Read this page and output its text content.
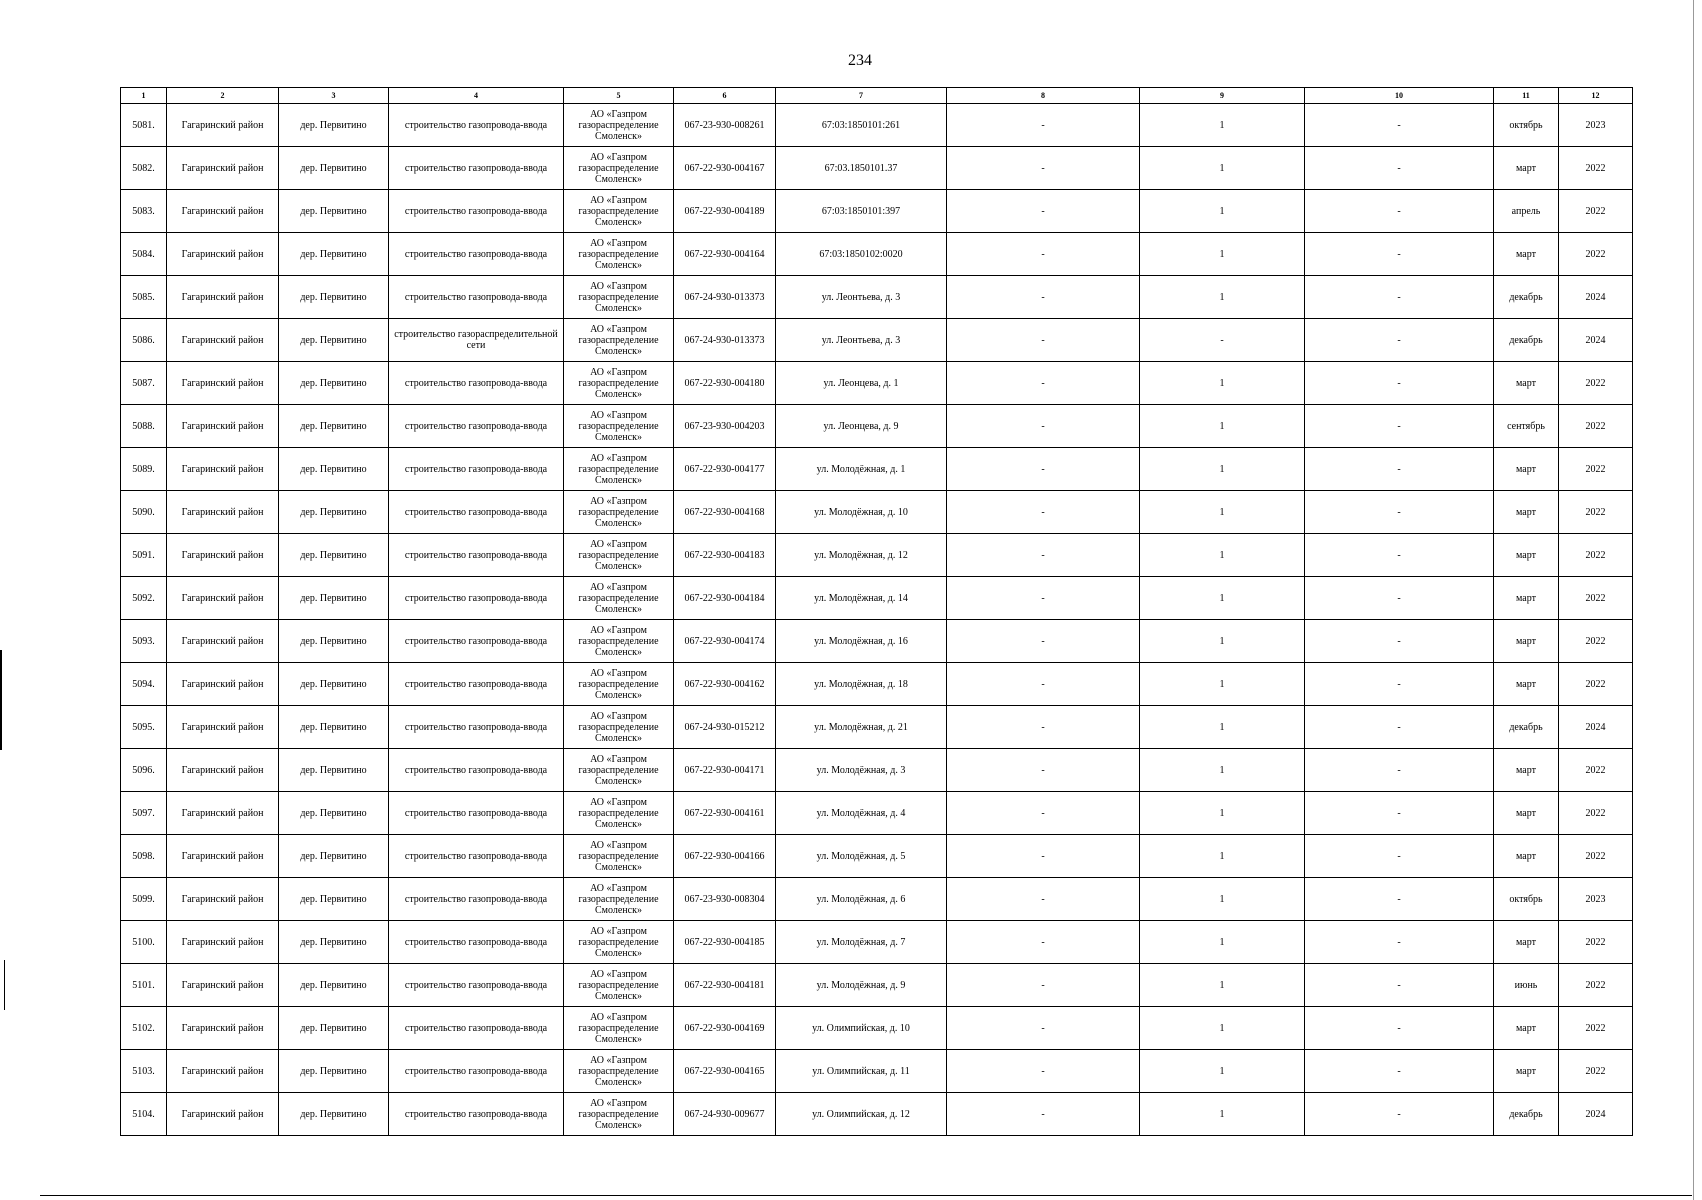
234
1	2	3	4	5	6	7	8	9	10	11	12
5081.	Гагаринский район	дер. Первитино	строительство газопровода-ввода	АО «Газпром газораспределение Смоленск»	067-23-930-008261	67:03:1850101:261	-	1	-	октябрь	2023
5082.	Гагаринский район	дер. Первитино	строительство газопровода-ввода	АО «Газпром газораспределение Смоленск»	067-22-930-004167	67:03.1850101.37	-	1	-	март	2022
5083.	Гагаринский район	дер. Первитино	строительство газопровода-ввода	АО «Газпром газораспределение Смоленск»	067-22-930-004189	67:03:1850101:397	-	1	-	апрель	2022
5084.	Гагаринский район	дер. Первитино	строительство газопровода-ввода	АО «Газпром газораспределение Смоленск»	067-22-930-004164	67:03:1850102:0020	-	1	-	март	2022
5085.	Гагаринский район	дер. Первитино	строительство газопровода-ввода	АО «Газпром газораспределение Смоленск»	067-24-930-013373	ул. Леонтьева, д. 3	-	1	-	декабрь	2024
5086.	Гагаринский район	дер. Первитино	строительство газораспределительной сети	АО «Газпром газораспределение Смоленск»	067-24-930-013373	ул. Леонтьева, д. 3	-	-	-	декабрь	2024
5087.	Гагаринский район	дер. Первитино	строительство газопровода-ввода	АО «Газпром газораспределение Смоленск»	067-22-930-004180	ул. Леонцева, д. 1	-	1	-	март	2022
5088.	Гагаринский район	дер. Первитино	строительство газопровода-ввода	АО «Газпром газораспределение Смоленск»	067-23-930-004203	ул. Леонцева, д. 9	-	1	-	сентябрь	2022
5089.	Гагаринский район	дер. Первитино	строительство газопровода-ввода	АО «Газпром газораспределение Смоленск»	067-22-930-004177	ул. Молодёжная, д. 1	-	1	-	март	2022
5090.	Гагаринский район	дер. Первитино	строительство газопровода-ввода	АО «Газпром газораспределение Смоленск»	067-22-930-004168	ул. Молодёжная, д. 10	-	1	-	март	2022
5091.	Гагаринский район	дер. Первитино	строительство газопровода-ввода	АО «Газпром газораспределение Смоленск»	067-22-930-004183	ул. Молодёжная, д. 12	-	1	-	март	2022
5092.	Гагаринский район	дер. Первитино	строительство газопровода-ввода	АО «Газпром газораспределение Смоленск»	067-22-930-004184	ул. Молодёжная, д. 14	-	1	-	март	2022
5093.	Гагаринский район	дер. Первитино	строительство газопровода-ввода	АО «Газпром газораспределение Смоленск»	067-22-930-004174	ул. Молодёжная, д. 16	-	1	-	март	2022
5094.	Гагаринский район	дер. Первитино	строительство газопровода-ввода	АО «Газпром газораспределение Смоленск»	067-22-930-004162	ул. Молодёжная, д. 18	-	1	-	март	2022
5095.	Гагаринский район	дер. Первитино	строительство газопровода-ввода	АО «Газпром газораспределение Смоленск»	067-24-930-015212	ул. Молодёжная, д. 21	-	1	-	декабрь	2024
5096.	Гагаринский район	дер. Первитино	строительство газопровода-ввода	АО «Газпром газораспределение Смоленск»	067-22-930-004171	ул. Молодёжная, д. 3	-	1	-	март	2022
5097.	Гагаринский район	дер. Первитино	строительство газопровода-ввода	АО «Газпром газораспределение Смоленск»	067-22-930-004161	ул. Молодёжная, д. 4	-	1	-	март	2022
5098.	Гагаринский район	дер. Первитино	строительство газопровода-ввода	АО «Газпром газораспределение Смоленск»	067-22-930-004166	ул. Молодёжная, д. 5	-	1	-	март	2022
5099.	Гагаринский район	дер. Первитино	строительство газопровода-ввода	АО «Газпром газораспределение Смоленск»	067-23-930-008304	ул. Молодёжная, д. 6	-	1	-	октябрь	2023
5100.	Гагаринский район	дер. Первитино	строительство газопровода-ввода	АО «Газпром газораспределение Смоленск»	067-22-930-004185	ул. Молодёжная, д. 7	-	1	-	март	2022
5101.	Гагаринский район	дер. Первитино	строительство газопровода-ввода	АО «Газпром газораспределение Смоленск»	067-22-930-004181	ул. Молодёжная, д. 9	-	1	-	июнь	2022
5102.	Гагаринский район	дер. Первитино	строительство газопровода-ввода	АО «Газпром газораспределение Смоленск»	067-22-930-004169	ул. Олимпийская, д. 10	-	1	-	март	2022
5103.	Гагаринский район	дер. Первитино	строительство газопровода-ввода	АО «Газпром газораспределение Смоленск»	067-22-930-004165	ул. Олимпийская, д. 11	-	1	-	март	2022
5104.	Гагаринский район	дер. Первитино	строительство газопровода-ввода	АО «Газпром газораспределение Смоленск»	067-24-930-009677	ул. Олимпийская, д. 12	-	1	-	декабрь	2024
